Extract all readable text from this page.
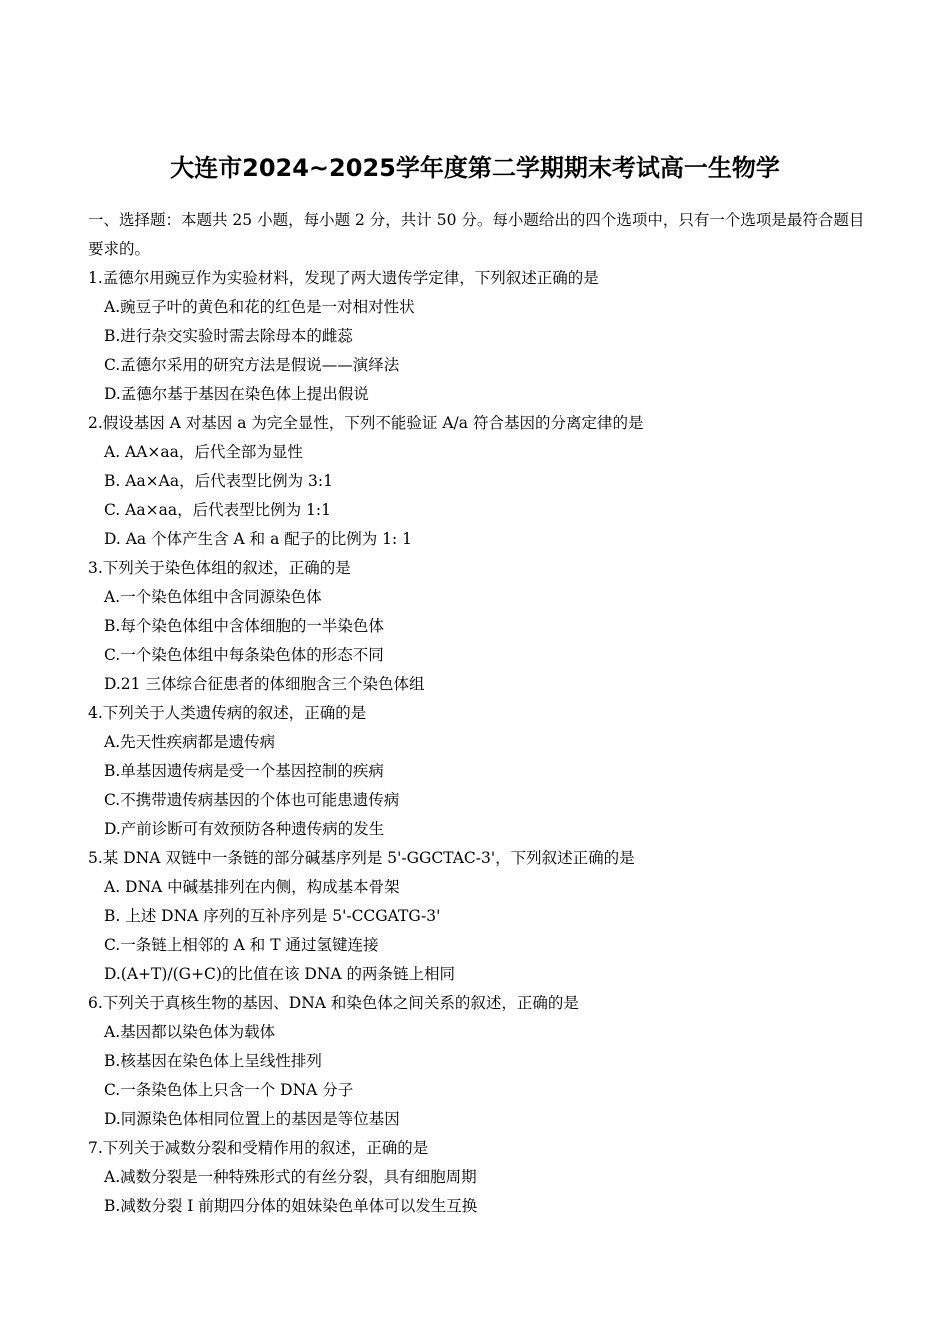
大连市2024~2025学年度第二学期期末考试高一生物学

一、选择题：本题共 25 小题，每小题 2 分，共计 50 分。每小题给出的四个选项中，只有一个选项是最符合题目要求的。

1.孟德尔用豌豆作为实验材料，发现了两大遗传学定律，下列叙述正确的是
A.豌豆子叶的黄色和花的红色是一对相对性状
B.进行杂交实验时需去除母本的雌蕊
C.孟德尔采用的研究方法是假说——演绎法
D.孟德尔基于基因在染色体上提出假说
2.假设基因 A 对基因 a 为完全显性，下列不能验证 A/a 符合基因的分离定律的是
A. AA×aa，后代全部为显性
B. Aa×Aa，后代表型比例为 3:1
C. Aa×aa，后代表型比例为 1:1
D. Aa 个体产生含 A 和 a 配子的比例为 1: 1
3.下列关于染色体组的叙述，正确的是
A.一个染色体组中含同源染色体
B.每个染色体组中含体细胞的一半染色体
C.一个染色体组中每条染色体的形态不同
D.21 三体综合征患者的体细胞含三个染色体组
4.下列关于人类遗传病的叙述，正确的是
A.先天性疾病都是遗传病
B.单基因遗传病是受一个基因控制的疾病
C.不携带遗传病基因的个体也可能患遗传病
D.产前诊断可有效预防各种遗传病的发生
5.某 DNA 双链中一条链的部分碱基序列是 5'-GGCTAC-3'，下列叙述正确的是
A. DNA 中碱基排列在内侧，构成基本骨架
B. 上述 DNA 序列的互补序列是 5'-CCGATG-3'
C.一条链上相邻的 A 和 T 通过氢键连接
D.(A+T)/(G+C)的比值在该 DNA 的两条链上相同
6.下列关于真核生物的基因、DNA 和染色体之间关系的叙述，正确的是
A.基因都以染色体为载体
B.核基因在染色体上呈线性排列
C.一条染色体上只含一个 DNA 分子
D.同源染色体相同位置上的基因是等位基因
7.下列关于减数分裂和受精作用的叙述，正确的是
A.减数分裂是一种特殊形式的有丝分裂，具有细胞周期
B.减数分裂 I 前期四分体的姐妹染色单体可以发生互换
